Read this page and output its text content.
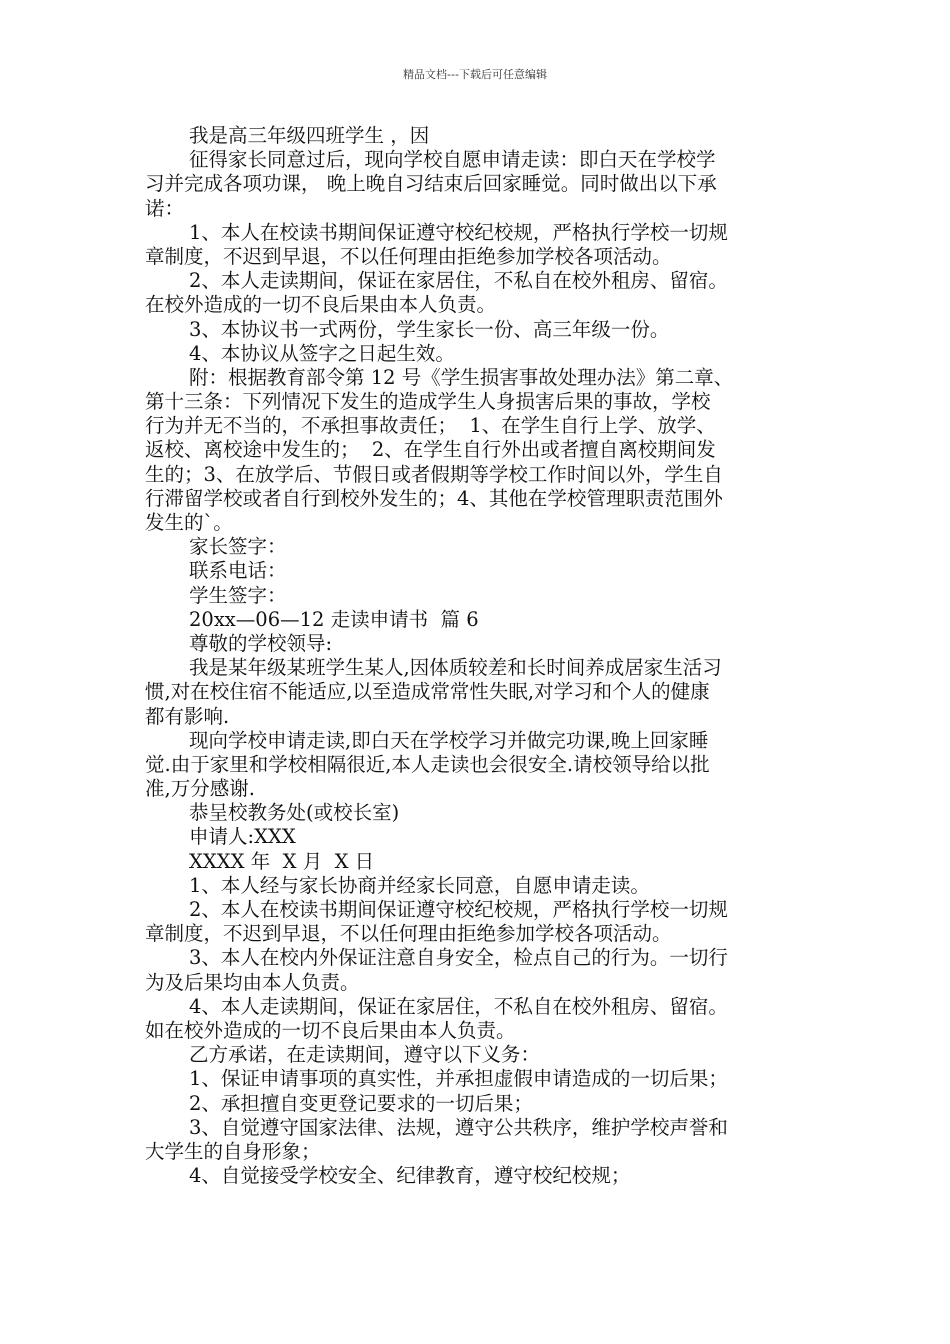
精品文档---下载后可任意编辑
我是高三年级四班学生 ，因
征得家长同意过后，现向学校自愿申请走读：即白天在学校学
习并完成各项功课， 晚上晚自习结束后回家睡觉。同时做出以下承
诺：
1、本人在校读书期间保证遵守校纪校规，严格执行学校一切规
章制度，不迟到早退，不以任何理由拒绝参加学校各项活动。
2、本人走读期间，保证在家居住，不私自在校外租房、留宿。
在校外造成的一切不良后果由本人负责。
3、本协议书一式两份，学生家长一份、高三年级一份。
4、本协议从签字之日起生效。
附：根据教育部令第 12 号《学生损害事故处理办法》第二章、
第十三条：下列情况下发生的造成学生人身损害后果的事故，学校
行为并无不当的，不承担事故责任；  1、在学生自行上学、放学、
返校、离校途中发生的；  2、在学生自行外出或者擅自离校期间发
生的；3、在放学后、节假日或者假期等学校工作时间以外，学生自
行滞留学校或者自行到校外发生的；4、其他在学校管理职责范围外
发生的`。
家长签字：
联系电话：
学生签字：
20xx—06—12 走读申请书  篇 6
尊敬的学校领导:
我是某年级某班学生某人,因体质较差和长时间养成居家生活习
惯,对在校住宿不能适应,以至造成常常性失眠,对学习和个人的健康
都有影响.
现向学校申请走读,即白天在学校学习并做完功课,晚上回家睡
觉.由于家里和学校相隔很近,本人走读也会很安全.请校领导给以批
准,万分感谢.
恭呈校教务处(或校长室)
申请人:XXX
XXXX 年  X 月  X 日
1、本人经与家长协商并经家长同意，自愿申请走读。
2、本人在校读书期间保证遵守校纪校规，严格执行学校一切规
章制度，不迟到早退，不以任何理由拒绝参加学校各项活动。
3、本人在校内外保证注意自身安全，检点自己的行为。一切行
为及后果均由本人负责。
4、本人走读期间，保证在家居住，不私自在校外租房、留宿。
如在校外造成的一切不良后果由本人负责。
乙方承诺，在走读期间，遵守以下义务：
1、保证申请事项的真实性，并承担虚假申请造成的一切后果；
2、承担擅自变更登记要求的一切后果；
3、自觉遵守国家法律、法规，遵守公共秩序，维护学校声誉和
大学生的自身形象；
4、自觉接受学校安全、纪律教育，遵守校纪校规；
